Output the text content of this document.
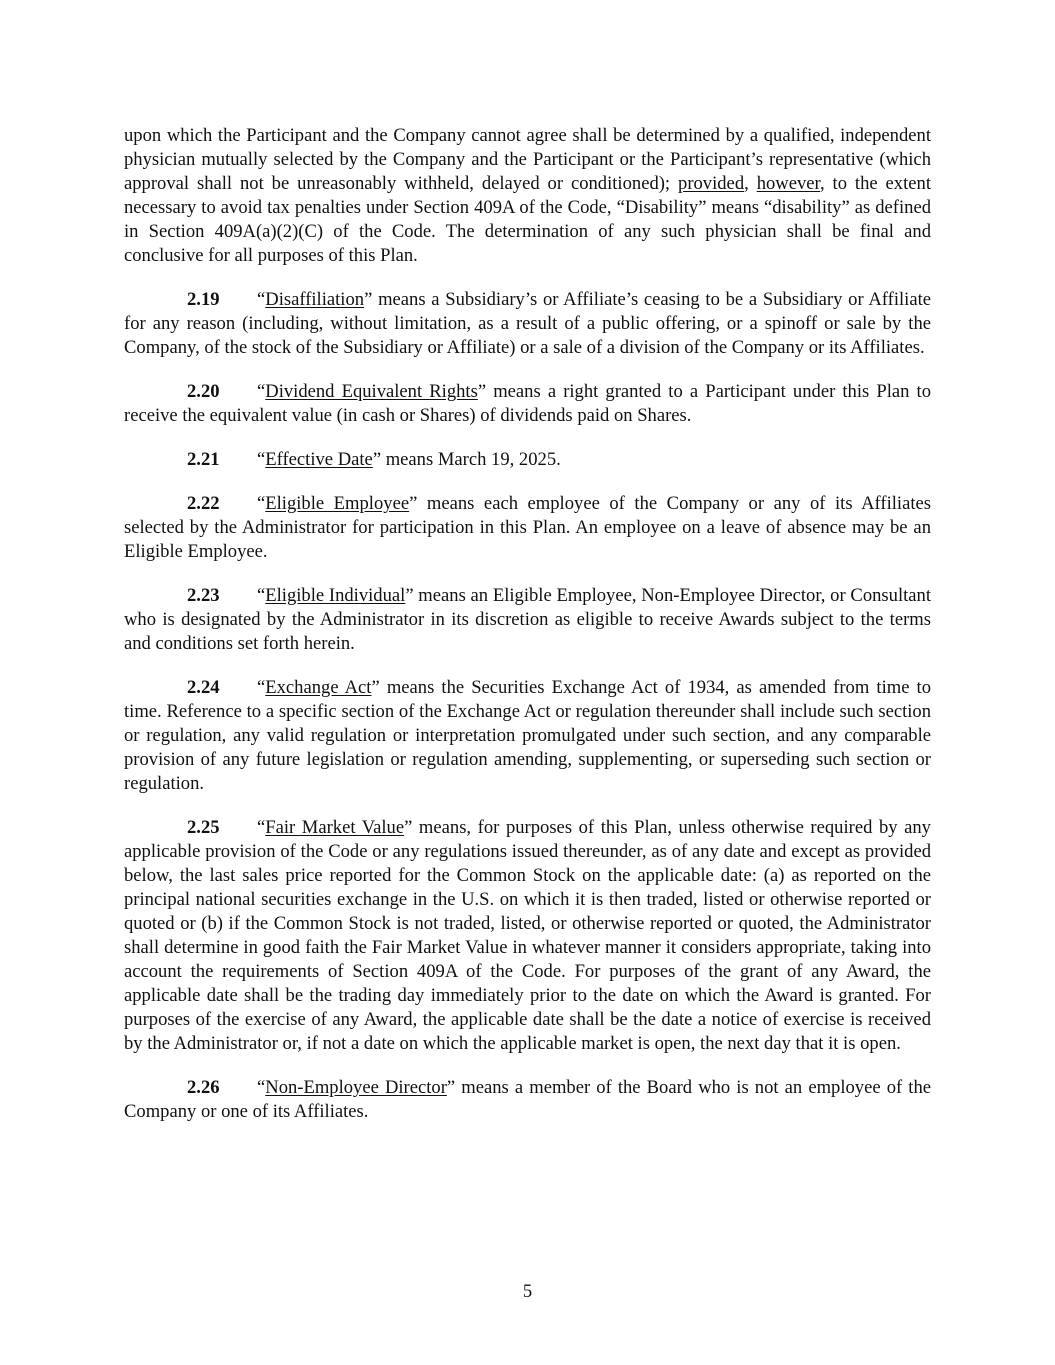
upon which the Participant and the Company cannot agree shall be determined by a qualified, independent physician mutually selected by the Company and the Participant or the Participant’s representative (which approval shall not be unreasonably withheld, delayed or conditioned); provided, however, to the extent necessary to avoid tax penalties under Section 409A of the Code, “Disability” means “disability” as defined in Section 409A(a)(2)(C) of the Code. The determination of any such physician shall be final and conclusive for all purposes of this Plan.

2.19 “Disaffiliation” means a Subsidiary’s or Affiliate’s ceasing to be a Subsidiary or Affiliate for any reason (including, without limitation, as a result of a public offering, or a spinoff or sale by the Company, of the stock of the Subsidiary or Affiliate) or a sale of a division of the Company or its Affiliates.

2.20 “Dividend Equivalent Rights” means a right granted to a Participant under this Plan to receive the equivalent value (in cash or Shares) of dividends paid on Shares.

2.21 “Effective Date” means March 19, 2025.

2.22 “Eligible Employee” means each employee of the Company or any of its Affiliates selected by the Administrator for participation in this Plan. An employee on a leave of absence may be an Eligible Employee.

2.23 “Eligible Individual” means an Eligible Employee, Non-Employee Director, or Consultant who is designated by the Administrator in its discretion as eligible to receive Awards subject to the terms and conditions set forth herein.

2.24 “Exchange Act” means the Securities Exchange Act of 1934, as amended from time to time. Reference to a specific section of the Exchange Act or regulation thereunder shall include such section or regulation, any valid regulation or interpretation promulgated under such section, and any comparable provision of any future legislation or regulation amending, supplementing, or superseding such section or regulation.

2.25 “Fair Market Value” means, for purposes of this Plan, unless otherwise required by any applicable provision of the Code or any regulations issued thereunder, as of any date and except as provided below, the last sales price reported for the Common Stock on the applicable date: (a) as reported on the principal national securities exchange in the U.S. on which it is then traded, listed or otherwise reported or quoted or (b) if the Common Stock is not traded, listed, or otherwise reported or quoted, the Administrator shall determine in good faith the Fair Market Value in whatever manner it considers appropriate, taking into account the requirements of Section 409A of the Code. For purposes of the grant of any Award, the applicable date shall be the trading day immediately prior to the date on which the Award is granted. For purposes of the exercise of any Award, the applicable date shall be the date a notice of exercise is received by the Administrator or, if not a date on which the applicable market is open, the next day that it is open.

2.26 “Non-Employee Director” means a member of the Board who is not an employee of the Company or one of its Affiliates.

5
